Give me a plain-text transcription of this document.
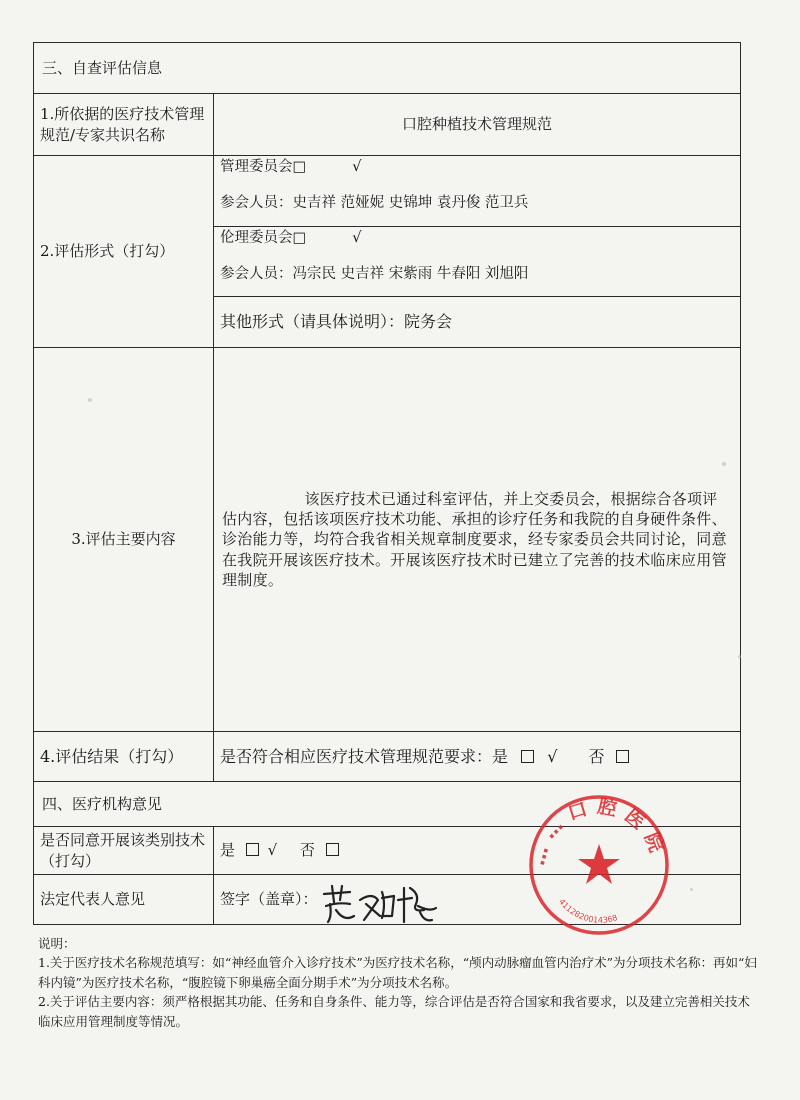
三、自查评估信息	
1.所依据的医疗技术管理规范/专家共识名称	口腔种植技术管理规范
2.评估形式（打勾）	管理委员会□ √
参会人员：史吉祥 范娅妮 史锦坤 袁丹俊 范卫兵
伦理委员会□ √
参会人员：冯宗民 史吉祥 宋紫雨 牛春阳 刘旭阳
其他形式（请具体说明）：院务会

3.评估主要内容	该医疗技术已通过科室评估，并上交委员会，根据综合各项评估内容，包括该项医疗技术功能、承担的诊疗任务和我院的自身硬件条件、诊治能力等，均符合我省相关规章制度要求，经专家委员会共同讨论，同意在我院开展该医疗技术。开展该医疗技术时已建立了完善的技术临床应用管理制度。

4.评估结果（打勾）	是否符合相应医疗技术管理规范要求：是 √ 否
四、医疗机构意见	
是否同意开展该类别技术（打勾）	是 √ 否
法定代表人意见	签字（盖章）：
……口腔医院
4112820014368
说明：
1.关于医疗技术名称规范填写：如“神经血管介入诊疗技术”为医疗技术名称，“颅内动脉瘤血管内治疗术”为分项技术名称：再如“妇科内镜”为医疗技术名称，“腹腔镜下卵巢癌全面分期手术”为分项技术名称。
2.关于评估主要内容：须严格根据其功能、任务和自身条件、能力等，综合评估是否符合国家和我省要求，以及建立完善相关技术临床应用管理制度等情况。
